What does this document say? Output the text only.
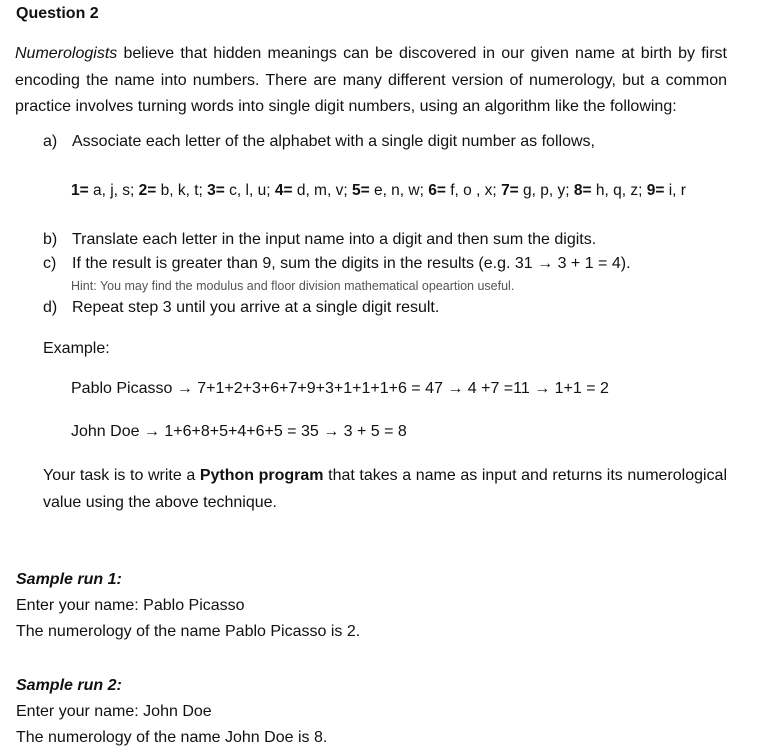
Question 2
Numerologists believe that hidden meanings can be discovered in our given name at birth by first encoding the name into numbers. There are many different version of numerology, but a common practice involves turning words into single digit numbers, using an algorithm like the following:
a) Associate each letter of the alphabet with a single digit number as follows,
1= a, j, s; 2= b, k, t; 3= c, l, u; 4= d, m, v; 5= e, n, w; 6= f, o , x; 7= g, p, y; 8= h, q, z; 9= i, r
b) Translate each letter in the input name into a digit and then sum the digits.
c) If the result is greater than 9, sum the digits in the results (e.g. 31 → 3 + 1 = 4).
Hint: You may find the modulus and floor division mathematical opeartion useful.
d) Repeat step 3 until you arrive at a single digit result.
Example:
Pablo Picasso → 7+1+2+3+6+7+9+3+1+1+1+6 = 47 → 4 +7 =11 → 1+1 = 2
John Doe → 1+6+8+5+4+6+5 = 35 → 3 + 5 = 8
Your task is to write a Python program that takes a name as input and returns its numerological value using the above technique.
Sample run 1:
Enter your name: Pablo Picasso
The numerology of the name Pablo Picasso is 2.
Sample run 2:
Enter your name: John Doe
The numerology of the name John Doe is 8.
